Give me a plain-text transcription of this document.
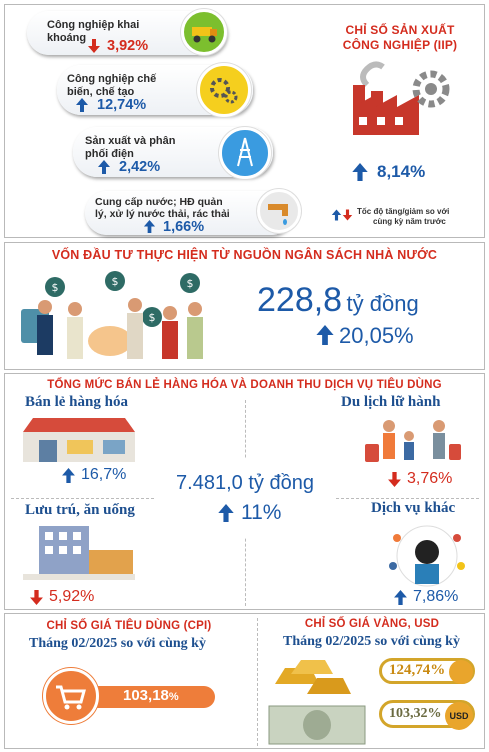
Công nghiệp khai
khoáng	3,92%
Công nghiệp chế
biến, chế tạo
12,74%
Sản xuất và phân
phối điện
2,42%
Cung cấp nước; HĐ quản
lý, xử lý nước thải, rác thải
1,66%
CHỈ SỐ SẢN XUẤT
CÔNG NGHIỆP (IIP)
8,14%
Tốc độ tăng/giảm so với
cùng kỳ năm trước
VỐN ĐẦU TƯ THỰC HIỆN TỪ NGUỒN NGÂN SÁCH NHÀ NƯỚC
$	$	$
$	228,8 tỷ đồng
20,05%
TỔNG MỨC BÁN LẺ HÀNG HÓA VÀ DOANH THU DỊCH VỤ TIÊU DÙNG
Bán lẻ hàng hóa
16,7%
Du lịch lữ hành
3,76%
7.481,0 tỷ đồng
11%
Lưu trú, ăn uống
5,92%
Dịch vụ khác
7,86%
CHỈ SỐ GIÁ TIÊU DÙNG (CPI)
Tháng 02/2025 so với cùng kỳ
103,18%
CHỈ SỐ GIÁ VÀNG, USD
Tháng 02/2025 so với cùng kỳ
124,74%
103,32% USD
